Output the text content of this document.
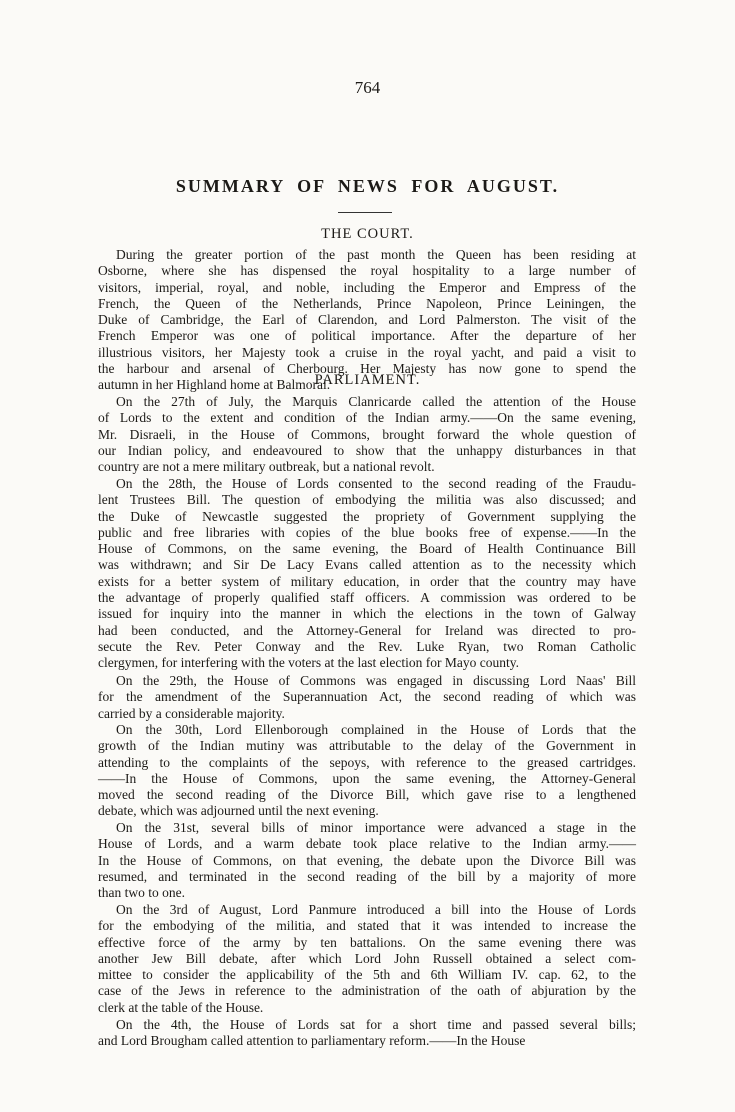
764
SUMMARY OF NEWS FOR AUGUST.
THE COURT.

During the greater portion of the past month the Queen has been residing at
Osborne, where she has dispensed the royal hospitality to a large number of
visitors, imperial, royal, and noble, including the Emperor and Empress of the
French, the Queen of the Netherlands, Prince Napoleon, Prince Leiningen, the
Duke of Cambridge, the Earl of Clarendon, and Lord Palmerston. The visit of the
French Emperor was one of political importance. After the departure of her
illustrious visitors, her Majesty took a cruise in the royal yacht, and paid a visit to
the harbour and arsenal of Cherbourg. Her Majesty has now gone to spend the
autumn in her Highland home at Balmoral.

PARLIAMENT.

On the 27th of July, the Marquis Clanricarde called the attention of the House
of Lords to the extent and condition of the Indian army.——On the same evening,
Mr. Disraeli, in the House of Commons, brought forward the whole question of
our Indian policy, and endeavoured to show that the unhappy disturbances in that
country are not a mere military outbreak, but a national revolt.

On the 28th, the House of Lords consented to the second reading of the Fraudu-
lent Trustees Bill. The question of embodying the militia was also discussed; and
the Duke of Newcastle suggested the propriety of Government supplying the
public and free libraries with copies of the blue books free of expense.——In the
House of Commons, on the same evening, the Board of Health Continuance Bill
was withdrawn; and Sir De Lacy Evans called attention as to the necessity which
exists for a better system of military education, in order that the country may have
the advantage of properly qualified staff officers. A commission was ordered to be
issued for inquiry into the manner in which the elections in the town of Galway
had been conducted, and the Attorney-General for Ireland was directed to pro-
secute the Rev. Peter Conway and the Rev. Luke Ryan, two Roman Catholic
clergymen, for interfering with the voters at the last election for Mayo county.

On the 29th, the House of Commons was engaged in discussing Lord Naas' Bill
for the amendment of the Superannuation Act, the second reading of which was
carried by a considerable majority.

On the 30th, Lord Ellenborough complained in the House of Lords that the
growth of the Indian mutiny was attributable to the delay of the Government in
attending to the complaints of the sepoys, with reference to the greased cartridges.
——In the House of Commons, upon the same evening, the Attorney-General
moved the second reading of the Divorce Bill, which gave rise to a lengthened
debate, which was adjourned until the next evening.

On the 31st, several bills of minor importance were advanced a stage in the
House of Lords, and a warm debate took place relative to the Indian army.——
In the House of Commons, on that evening, the debate upon the Divorce Bill was
resumed, and terminated in the second reading of the bill by a majority of more
than two to one.

On the 3rd of August, Lord Panmure introduced a bill into the House of Lords
for the embodying of the militia, and stated that it was intended to increase the
effective force of the army by ten battalions. On the same evening there was
another Jew Bill debate, after which Lord John Russell obtained a select com-
mittee to consider the applicability of the 5th and 6th William IV. cap. 62, to the
case of the Jews in reference to the administration of the oath of abjuration by the
clerk at the table of the House.

On the 4th, the House of Lords sat for a short time and passed several bills;
and Lord Brougham called attention to parliamentary reform.——In the House
